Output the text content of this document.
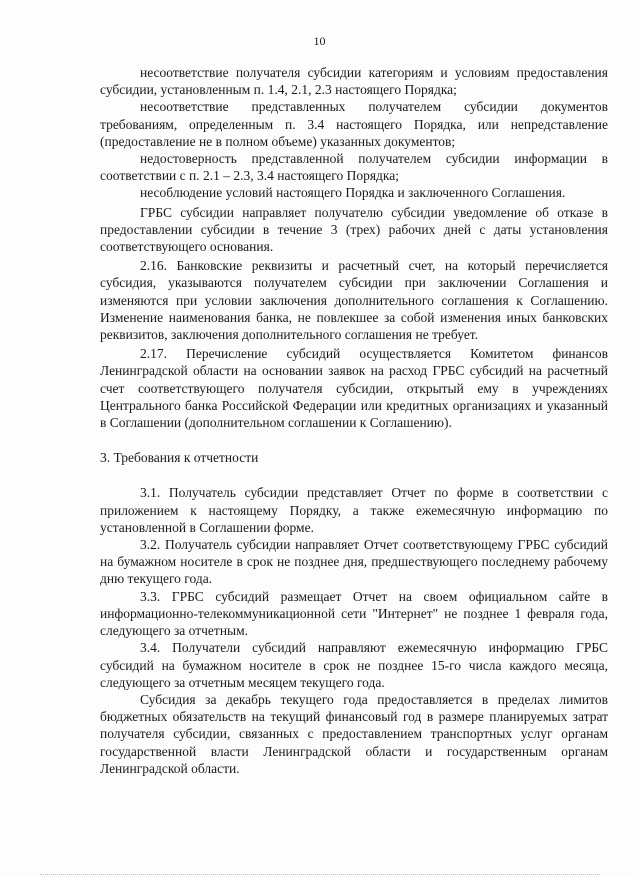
10

несоответствие получателя субсидии категориям и условиям предоставления субсидии, установленным п. 1.4, 2.1, 2.3 настоящего Порядка;

несоответствие представленных получателем субсидии документов требованиям, определенным п. 3.4 настоящего Порядка, или непредставление (предоставление не в полном объеме) указанных документов;

недостоверность представленной получателем субсидии информации в соответствии с п. 2.1 – 2.3, 3.4 настоящего Порядка;

несоблюдение условий настоящего Порядка и заключенного Соглашения.

ГРБС субсидии направляет получателю субсидии уведомление об отказе в предоставлении субсидии в течение 3 (трех) рабочих дней с даты установления соответствующего основания.

2.16. Банковские реквизиты и расчетный счет, на который перечисляется субсидия, указываются получателем субсидии при заключении Соглашения и изменяются при условии заключения дополнительного соглашения к Соглашению. Изменение наименования банка, не повлекшее за собой изменения иных банковских реквизитов, заключения дополнительного соглашения не требует.

2.17. Перечисление субсидий осуществляется Комитетом финансов Ленинградской области на основании заявок на расход ГРБС субсидий на расчетный счет соответствующего получателя субсидии, открытый ему в учреждениях Центрального банка Российской Федерации или кредитных организациях и указанный в Соглашении (дополнительном соглашении к Соглашению).

3. Требования к отчетности

3.1. Получатель субсидии представляет Отчет по форме в соответствии с приложением к настоящему Порядку, а также ежемесячную информацию по установленной в Соглашении форме.

3.2. Получатель субсидии направляет Отчет соответствующему ГРБС субсидий на бумажном носителе в срок не позднее дня, предшествующего последнему рабочему дню текущего года.

3.3. ГРБС субсидий размещает Отчет на своем официальном сайте в информационно-телекоммуникационной сети "Интернет" не позднее 1 февраля года, следующего за отчетным.

3.4. Получатели субсидий направляют ежемесячную информацию ГРБС субсидий на бумажном носителе в срок не позднее 15-го числа каждого месяца, следующего за отчетным месяцем текущего года.

Субсидия за декабрь текущего года предоставляется в пределах лимитов бюджетных обязательств на текущий финансовый год в размере планируемых затрат получателя субсидии, связанных с предоставлением транспортных услуг органам государственной власти Ленинградской области и государственным органам Ленинградской области.
